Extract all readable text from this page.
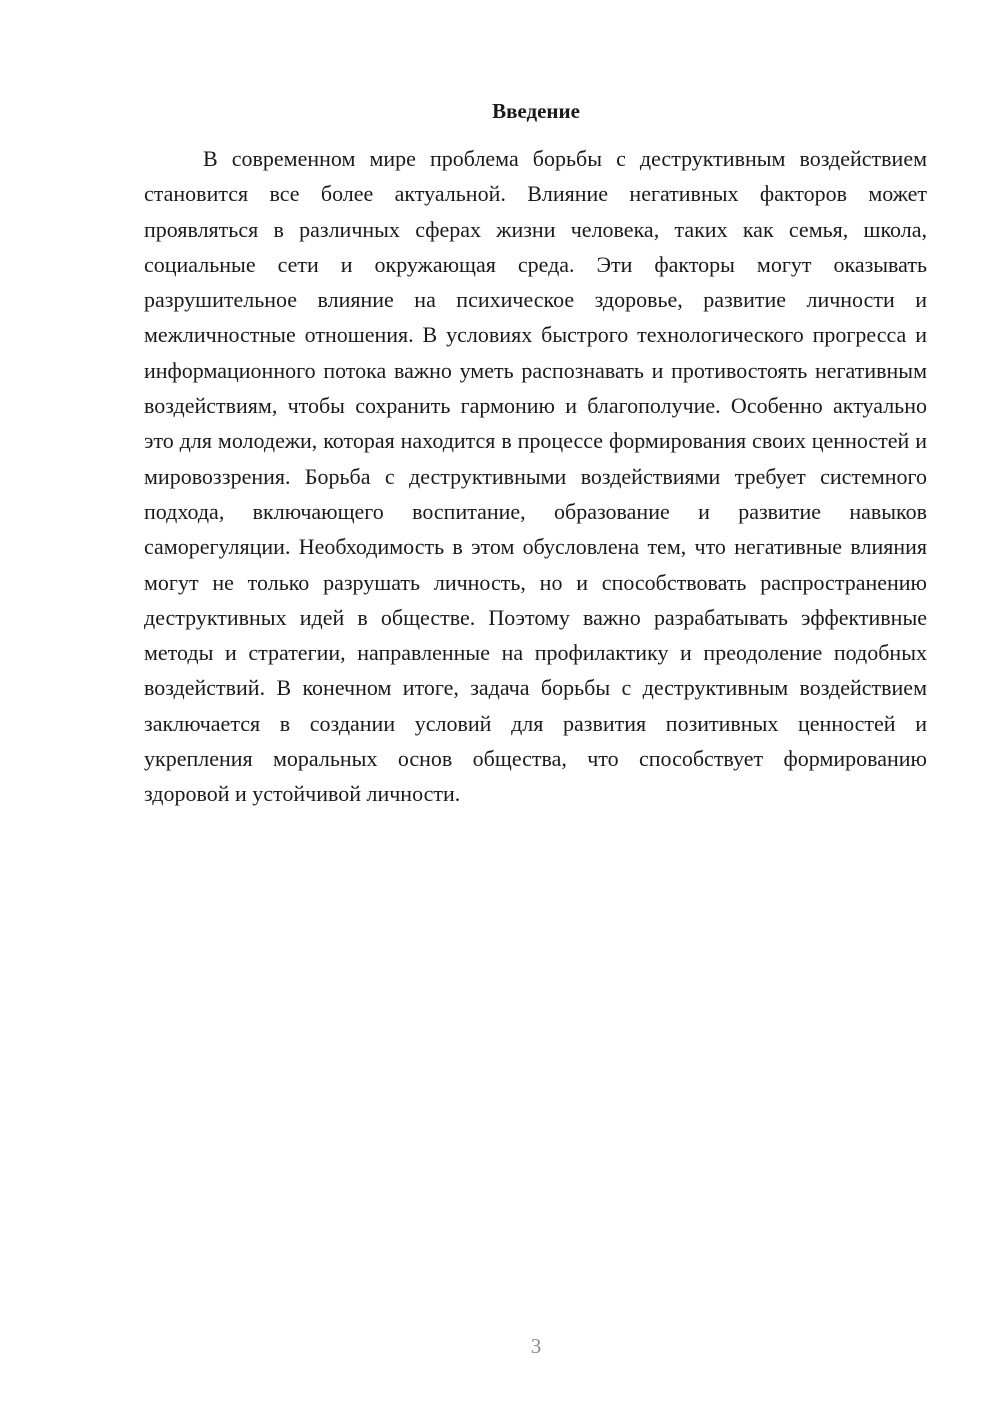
Введение

В современном мире проблема борьбы с деструктивным воздействием становится все более актуальной. Влияние негативных факторов может проявляться в различных сферах жизни человека, таких как семья, школа, социальные сети и окружающая среда. Эти факторы могут оказывать разрушительное влияние на психическое здоровье, развитие личности и межличностные отношения. В условиях быстрого технологического прогресса и информационного потока важно уметь распознавать и противостоять негативным воздействиям, чтобы сохранить гармонию и благополучие. Особенно актуально это для молодежи, которая находится в процессе формирования своих ценностей и мировоззрения. Борьба с деструктивными воздействиями требует системного подхода, включающего воспитание, образование и развитие навыков саморегуляции. Необходимость в этом обусловлена тем, что негативные влияния могут не только разрушать личность, но и способствовать распространению деструктивных идей в обществе. Поэтому важно разрабатывать эффективные методы и стратегии, направленные на профилактику и преодоление подобных воздействий. В конечном итоге, задача борьбы с деструктивным воздействием заключается в создании условий для развития позитивных ценностей и укрепления моральных основ общества, что способствует формированию здоровой и устойчивой личности.

3
